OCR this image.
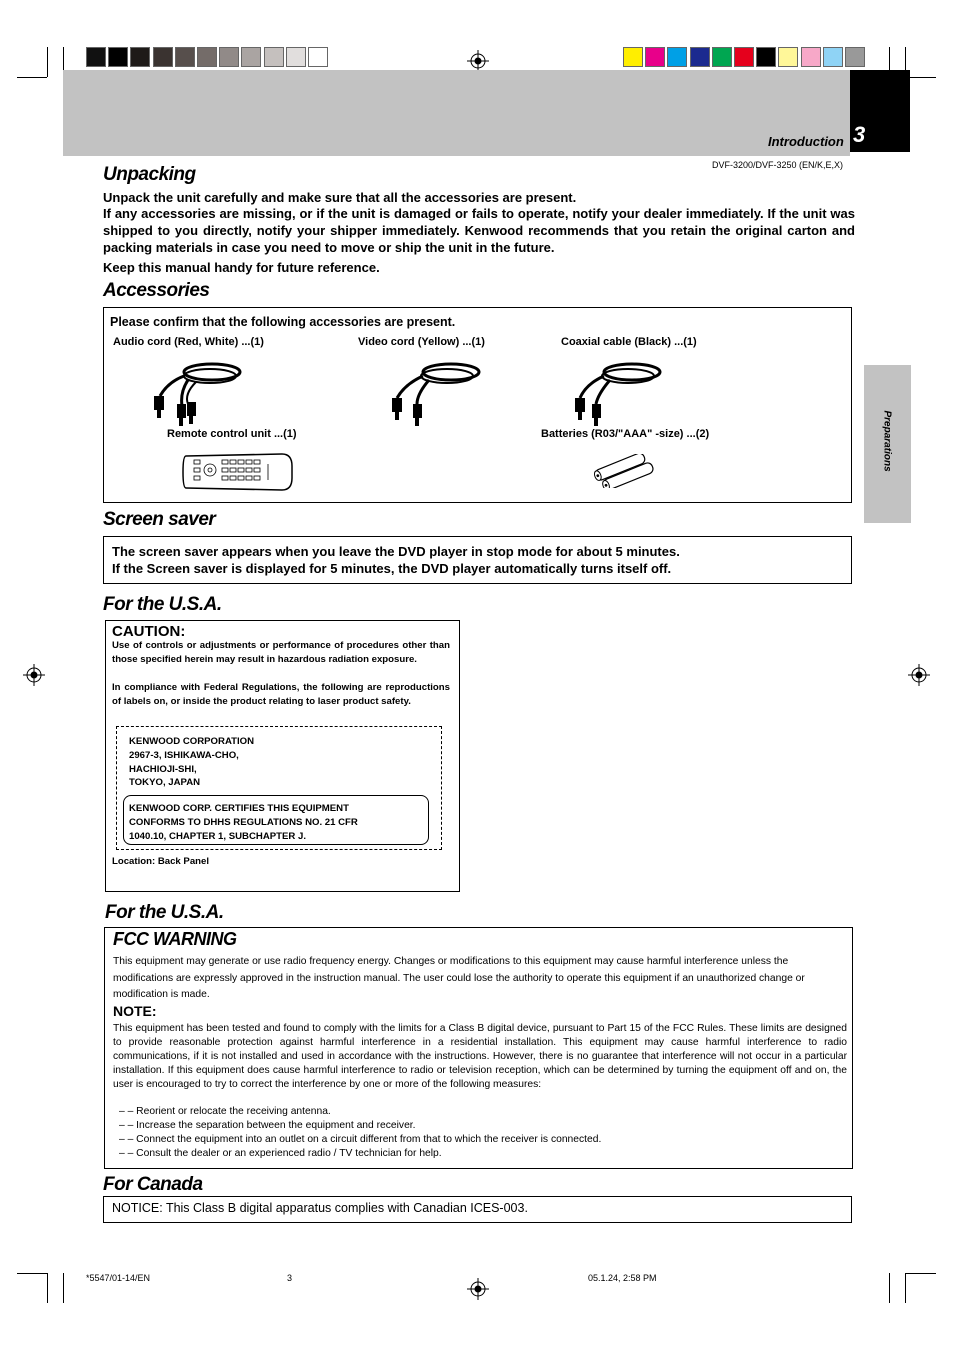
3
Introduction
DVF-3200/DVF-3250 (EN/K,E,X)
Preparations
Unpacking
Unpack the unit carefully and make sure that all the accessories are present.
If any accessories are missing, or if the unit is damaged or fails to operate, notify your dealer immediately. If the unit was shipped to you directly, notify your shipper immediately. Kenwood recommends that you retain the original carton and packing materials in case you need to move or ship the unit in the future.
Keep this manual handy for future reference.
Accessories
Please confirm that the following accessories are present.
Audio cord (Red, White) ...(1)	Video cord (Yellow) ...(1)	Coaxial cable (Black) ...(1)
Remote control unit ...(1)	Batteries (R03/"AAA" -size) ...(2)
Screen saver
The screen saver appears when you leave the DVD player in stop mode for about 5 minutes.
If the Screen saver is displayed for 5 minutes, the DVD player automatically turns itself off.
For the U.S.A.
CAUTION:
Use of controls or adjustments or performance of procedures other than those specified herein may result in hazardous radiation exposure.
In compliance with Federal Regulations, the following are reproductions of labels on, or inside the product relating to laser product safety.
KENWOOD CORPORATION
2967-3, ISHIKAWA-CHO,
HACHIOJI-SHI,
TOKYO, JAPAN
KENWOOD CORP. CERTIFIES THIS EQUIPMENT
CONFORMS TO DHHS REGULATIONS NO. 21 CFR
1040.10, CHAPTER 1, SUBCHAPTER J.
Location: Back Panel
For the U.S.A.
FCC WARNING
This equipment may generate or use radio frequency energy. Changes or modifications to this equipment may cause harmful interference unless the modifications are expressly approved in the instruction manual. The user could lose the authority to operate this equipment if an unauthorized change or modification is made.
NOTE:
This equipment has been tested and found to comply with the limits for a Class B digital device, pursuant to Part 15 of the FCC Rules. These limits are designed to provide reasonable protection against harmful interference in a residential installation. This equipment may cause harmful interference to radio communications, if it is not installed and used in accordance with the instructions. However, there is no guarantee that interference will not occur in a particular installation. If this equipment does cause harmful interference to radio or television reception, which can be determined by turning the equipment off and on, the user is encouraged to try to correct the interference by one or more of the following measures:
– – Reorient or relocate the receiving antenna.
– – Increase the separation between the equipment and receiver.
– – Connect the equipment into an outlet on a circuit different from that to which the receiver is connected.
– – Consult the dealer or an experienced radio / TV technician for help.
For Canada
NOTICE: This Class B digital apparatus complies with Canadian ICES-003.
*5547/01-14/EN	3	05.1.24, 2:58 PM
